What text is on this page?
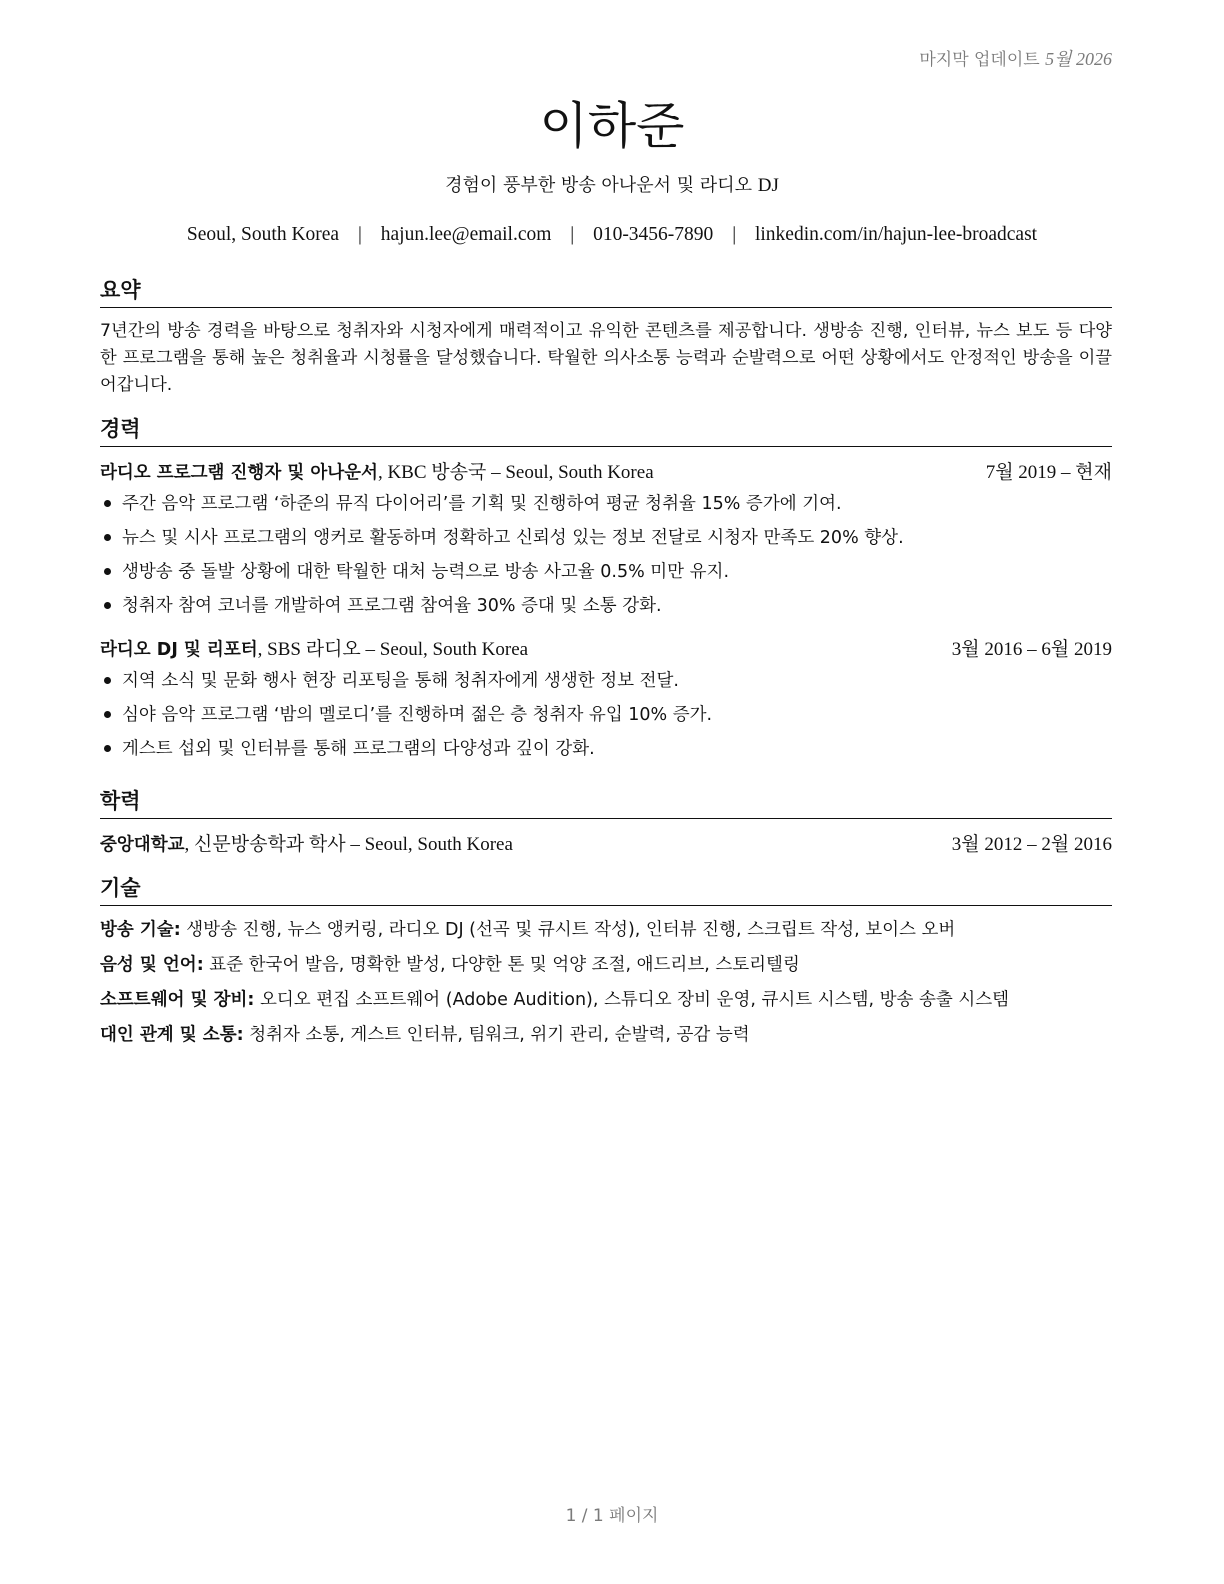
마지막 업데이트 5월 2026
이하준
경험이 풍부한 방송 아나운서 및 라디오 DJ
Seoul, South Korea | hajun.lee@email.com | 010-3456-7890 | linkedin.com/in/hajun-lee-broadcast
요약

7년간의 방송 경력을 바탕으로 청취자와 시청자에게 매력적이고 유익한 콘텐츠를 제공합니다. 생방송 진행, 인터뷰, 뉴스 보도 등 다양한 프로그램을 통해 높은 청취율과 시청률을 달성했습니다. 탁월한 의사소통 능력과 순발력으로 어떤 상황에서도 안정적인 방송을 이끌어갑니다.

경력
라디오 프로그램 진행자 및 아나운서, KBC 방송국 – Seoul, South Korea	7월 2019 – 현재
주간 음악 프로그램 ‘하준의 뮤직 다이어리’를 기획 및 진행하여 평균 청취율 15% 증가에 기여.
뉴스 및 시사 프로그램의 앵커로 활동하며 정확하고 신뢰성 있는 정보 전달로 시청자 만족도 20% 향상.
생방송 중 돌발 상황에 대한 탁월한 대처 능력으로 방송 사고율 0.5% 미만 유지.
청취자 참여 코너를 개발하여 프로그램 참여율 30% 증대 및 소통 강화.
라디오 DJ 및 리포터, SBS 라디오 – Seoul, South Korea	3월 2016 – 6월 2019
지역 소식 및 문화 행사 현장 리포팅을 통해 청취자에게 생생한 정보 전달.
심야 음악 프로그램 ‘밤의 멜로디’를 진행하며 젊은 층 청취자 유입 10% 증가.
게스트 섭외 및 인터뷰를 통해 프로그램의 다양성과 깊이 강화.
학력
중앙대학교, 신문방송학과 학사 – Seoul, South Korea	3월 2012 – 2월 2016
기술
방송 기술: 생방송 진행, 뉴스 앵커링, 라디오 DJ (선곡 및 큐시트 작성), 인터뷰 진행, 스크립트 작성, 보이스 오버
음성 및 언어: 표준 한국어 발음, 명확한 발성, 다양한 톤 및 억양 조절, 애드리브, 스토리텔링
소프트웨어 및 장비: 오디오 편집 소프트웨어 (Adobe Audition), 스튜디오 장비 운영, 큐시트 시스템, 방송 송출 시스템
대인 관계 및 소통: 청취자 소통, 게스트 인터뷰, 팀워크, 위기 관리, 순발력, 공감 능력
1 / 1 페이지
